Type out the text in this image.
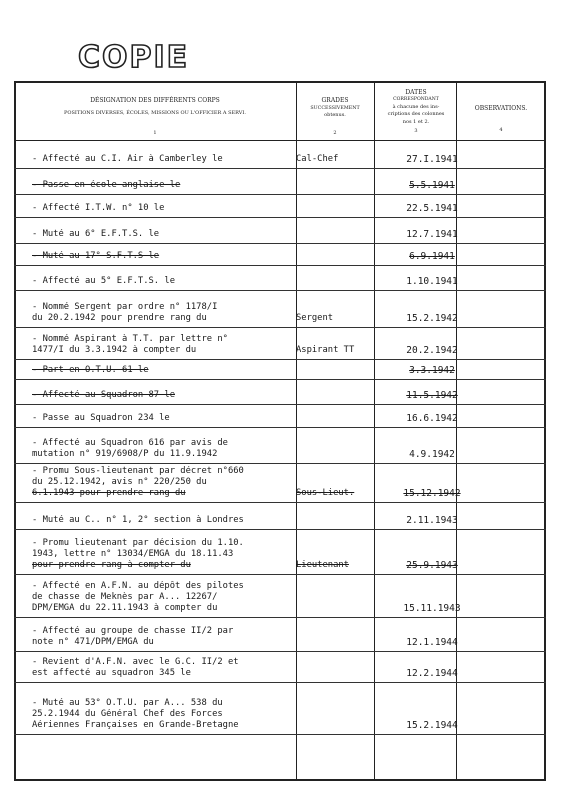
COPIE
DÉSIGNATION DES DIFFÉRENTS CORPS
POSITIONS DIVERSES, ÉCOLES, MISSIONS OU L'OFFICIER A SERVI.
1
GRADES
SUCCESSIVEMENT
obtenus.
2
DATES
CORRESPONDANT
à chacune des ins-
criptions des colonnes
nos 1 et 2.
3
OBSERVATIONS.
4
- Affecté au C.I. Air à Camberley le	Cal-Chef	27.I.1941
- Passe en école anglaise le	5.5.1941
- Affecté I.T.W. n° 10 le	22.5.1941
- Muté au 6° E.F.T.S. le	12.7.1941
- Muté au 17° S.F.T.S le	6.9.1941
- Affecté au 5° E.F.T.S. le	1.10.1941
- Nommé Sergent par ordre n° 1178/I
du 20.2.1942 pour prendre rang du	Sergent	15.2.1942
- Nommé Aspirant à T.T. par lettre n°
1477/I du 3.3.1942 à compter du	Aspirant TT	20.2.1942
- Part en O.T.U. 61 le	3.3.1942
- Affecté au Squadron 87 le	11.5.1942
- Passe au Squadron 234 le	16.6.1942
- Affecté au Squadron 616 par avis de
mutation n° 919/6908/P du 11.9.1942	4.9.1942
- Promu Sous-lieutenant par décret n°660
du 25.12.1942, avis n° 220/250 du
6.1.1943 pour prendre rang du	Sous-Lieut.	15.12.1942
- Muté au C.. n° 1, 2° section à Londres	2.11.1943
- Promu lieutenant par décision du 1.10.
1943, lettre n° 13034/EMGA du 18.11.43
pour prendre rang à compter du	Lieutenant	25.9.1943
- Affecté en A.F.N. au dépôt des pilotes
de chasse de Meknès par A... 12267/
DPM/EMGA du 22.11.1943 à compter du	15.11.1943
- Affecté au groupe de chasse II/2 par
note n° 471/DPM/EMGA du	12.1.1944
- Revient d'A.F.N. avec le G.C. II/2 et
est affecté au squadron 345 le	12.2.1944
- Muté au 53° O.T.U. par A... 538 du
25.2.1944 du Général Chef des Forces
Aériennes Françaises en Grande-Bretagne	15.2.1944
